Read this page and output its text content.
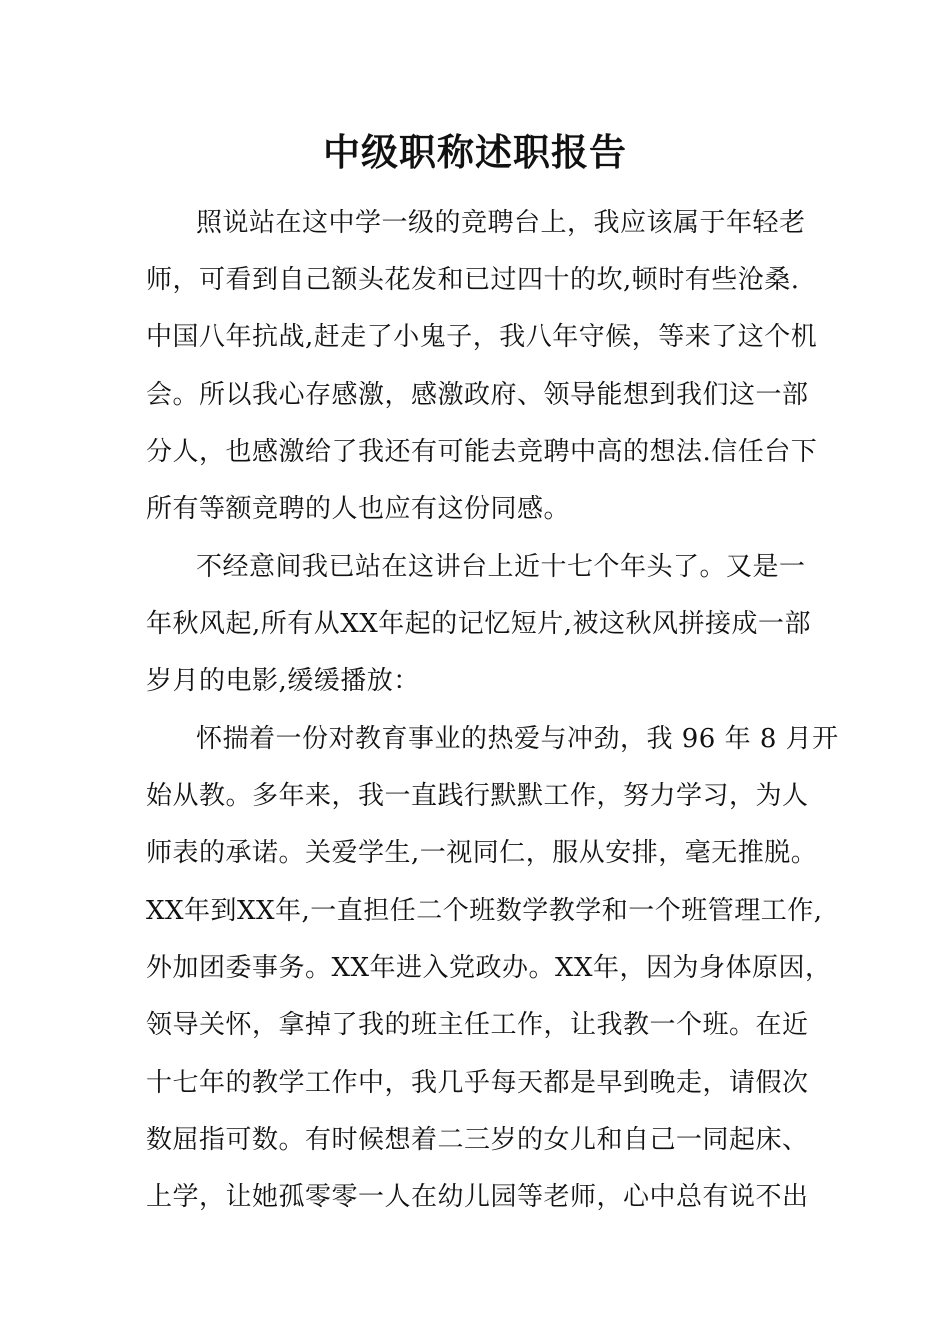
中级职称述职报告
照说站在这中学一级的竞聘台上，我应该属于年轻老
师，可看到自己额头花发和已过四十的坎,顿时有些沧桑.
中国八年抗战,赶走了小鬼子，我八年守候，等来了这个机
会。所以我心存感激，感激政府、领导能想到我们这一部
分人，也感激给了我还有可能去竞聘中高的想法.信任台下
所有等额竞聘的人也应有这份同感。
不经意间我已站在这讲台上近十七个年头了。又是一
年秋风起,所有从XX年起的记忆短片,被这秋风拼接成一部
岁月的电影,缓缓播放：
怀揣着一份对教育事业的热爱与冲劲，我 96 年 8 月开
始从教。多年来，我一直践行默默工作，努力学习，为人
师表的承诺。关爱学生,一视同仁，服从安排，毫无推脱。
XX年到XX年,一直担任二个班数学教学和一个班管理工作,
外加团委事务。XX年进入党政办。XX年，因为身体原因，
领导关怀，拿掉了我的班主任工作，让我教一个班。在近
十七年的教学工作中，我几乎每天都是早到晚走，请假次
数屈指可数。有时候想着二三岁的女儿和自己一同起床、
上学，让她孤零零一人在幼儿园等老师，心中总有说不出
